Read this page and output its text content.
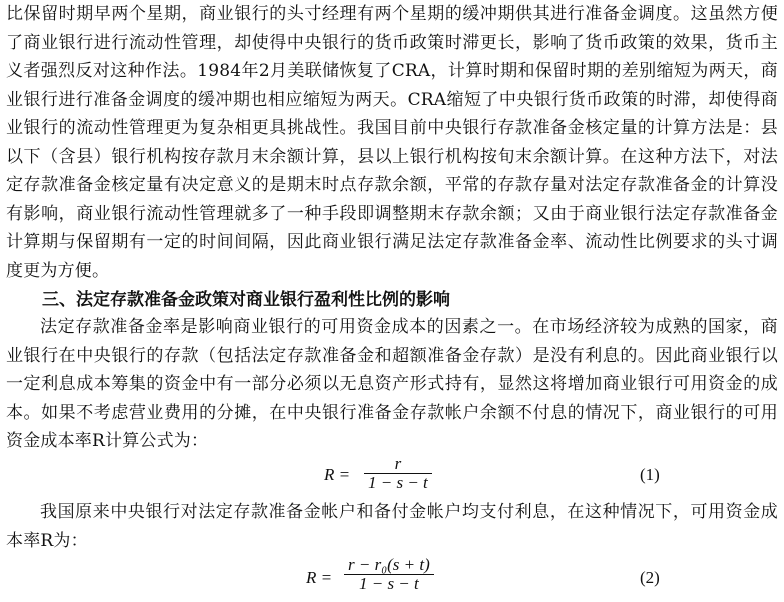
比保留时期早两个星期，商业银行的头寸经理有两个星期的缓冲期供其进行准备金调度。这虽然方便了商业银行进行流动性管理，却使得中央银行的货币政策时滞更长，影响了货币政策的效果，货币主义者强烈反对这种作法。1984年2月美联储恢复了CRA，计算时期和保留时期的差别缩短为两天，商业银行进行准备金调度的缓冲期也相应缩短为两天。CRA缩短了中央银行货币政策的时滞，却使得商业银行的流动性管理更为复杂相更具挑战性。我国目前中央银行存款准备金核定量的计算方法是：县以下（含县）银行机构按存款月末余额计算，县以上银行机构按旬末余额计算。在这种方法下，对法定存款准备金核定量有决定意义的是期末时点存款余额，平常的存款存量对法定存款准备金的计算没有影响，商业银行流动性管理就多了一种手段即调整期末存款余额；又由于商业银行法定存款准备金计算期与保留期有一定的时间间隔，因此商业银行满足法定存款准备金率、流动性比例要求的头寸调度更为方便。

三、法定存款准备金政策对商业银行盈利性比例的影响

法定存款准备金率是影响商业银行的可用资金成本的因素之一。在市场经济较为成熟的国家，商业银行在中央银行的存款（包括法定存款准备金和超额准备金存款）是没有利息的。因此商业银行以一定利息成本筹集的资金中有一部分必须以无息资产形式持有，显然这将增加商业银行可用资金的成本。如果不考虑营业费用的分摊，在中央银行准备金存款帐户余额不付息的情况下，商业银行的可用资金成本率R计算公式为：

R =
r
1 − s − t	(1)

我国原来中央银行对法定存款准备金帐户和备付金帐户均支付利息，在这种情况下，可用资金成本率R为：

R =
r − r₀(s + t)
1 − s − t	(2)
